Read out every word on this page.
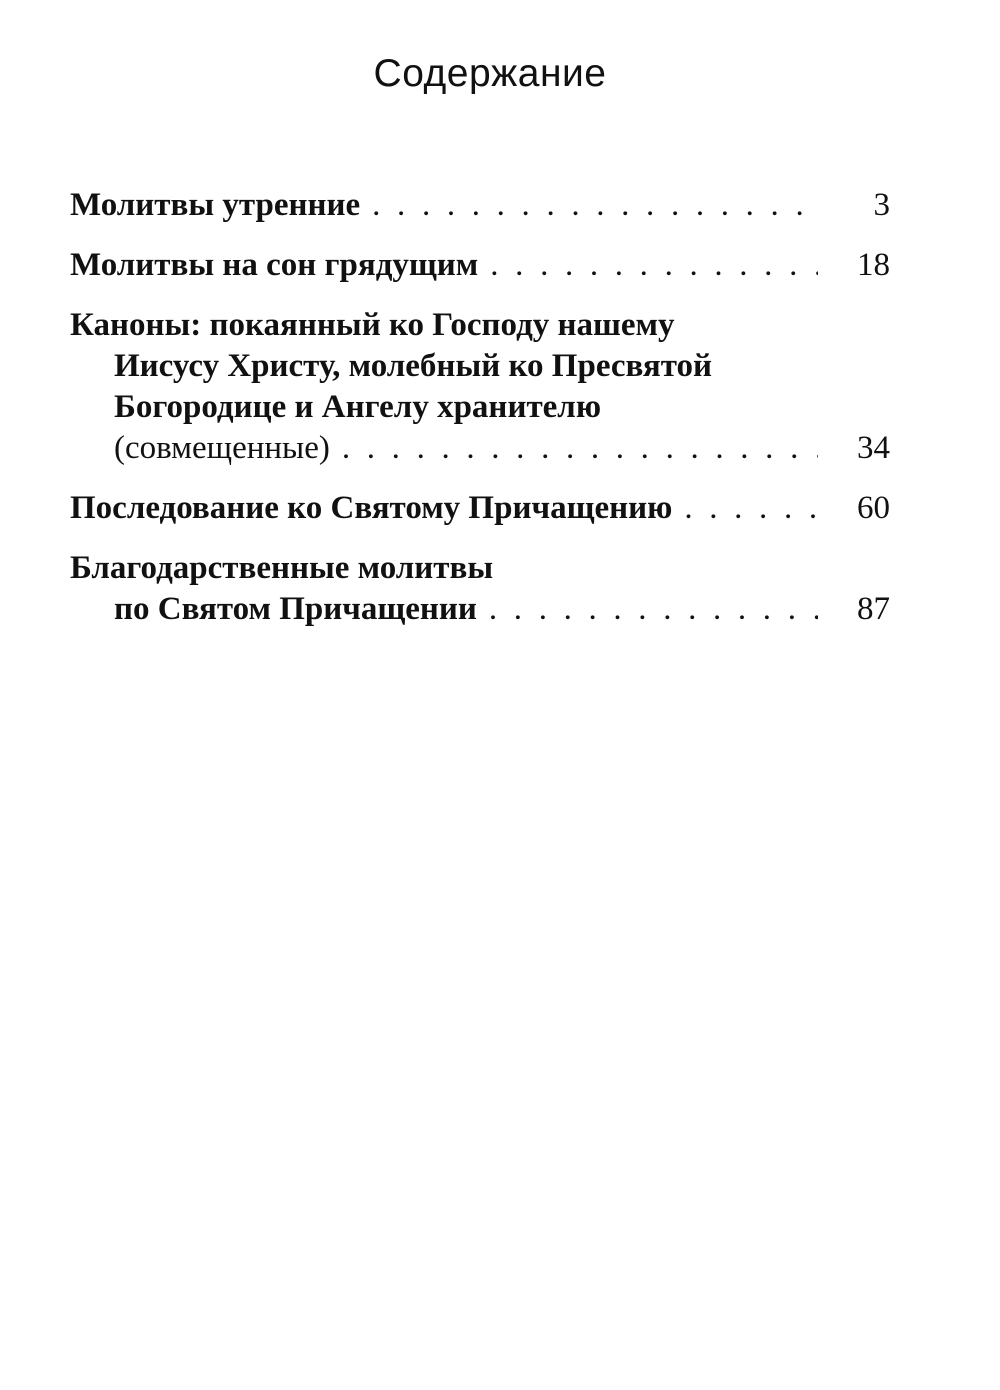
Содержание
Молитвы утренние . . .	3
Молитвы на сон грядущим . . .	18
Каноны: покаянный ко Господу нашему
Иисусу Христу, молебный ко Пресвятой
Богородице и Ангелу хранителю
(совмещенные) . . .	34
Последование ко Святому Причащению . . .	60
Благодарственные молитвы
по Святом Причащении . . .	87
